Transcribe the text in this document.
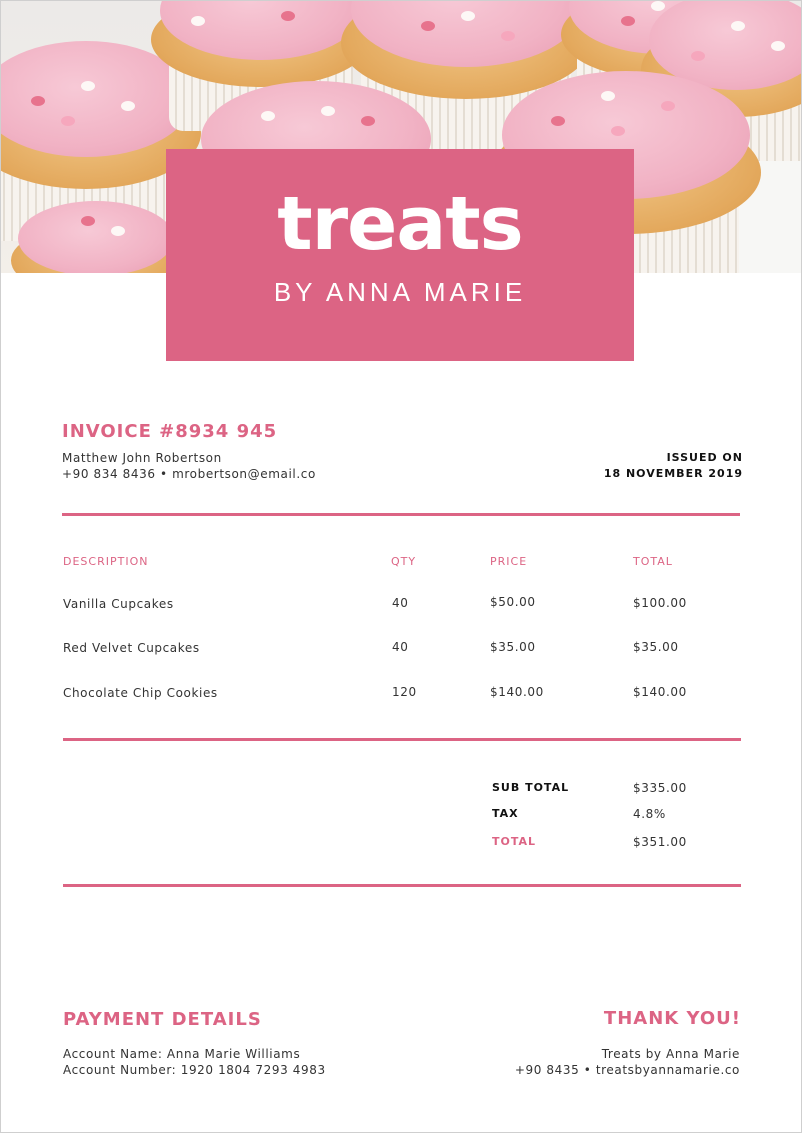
treats
BY ANNA MARIE
INVOICE #8934 945
Matthew John Robertson
+90 834 8436 • mrobertson@email.co
ISSUED ON
18 NOVEMBER 2019
DESCRIPTION	QTY	PRICE	TOTAL
Vanilla Cupcakes	40	$50.00	$100.00
Red Velvet Cupcakes	40	$35.00	$35.00
Chocolate Chip Cookies	120	$140.00	$140.00
SUB TOTAL	$335.00
TAX	4.8%
TOTAL	$351.00
PAYMENT DETAILS
Account Name: Anna Marie Williams
Account Number: 1920 1804 7293 4983
THANK YOU!
Treats by Anna Marie
+90 8435 • treatsbyannamarie.co
